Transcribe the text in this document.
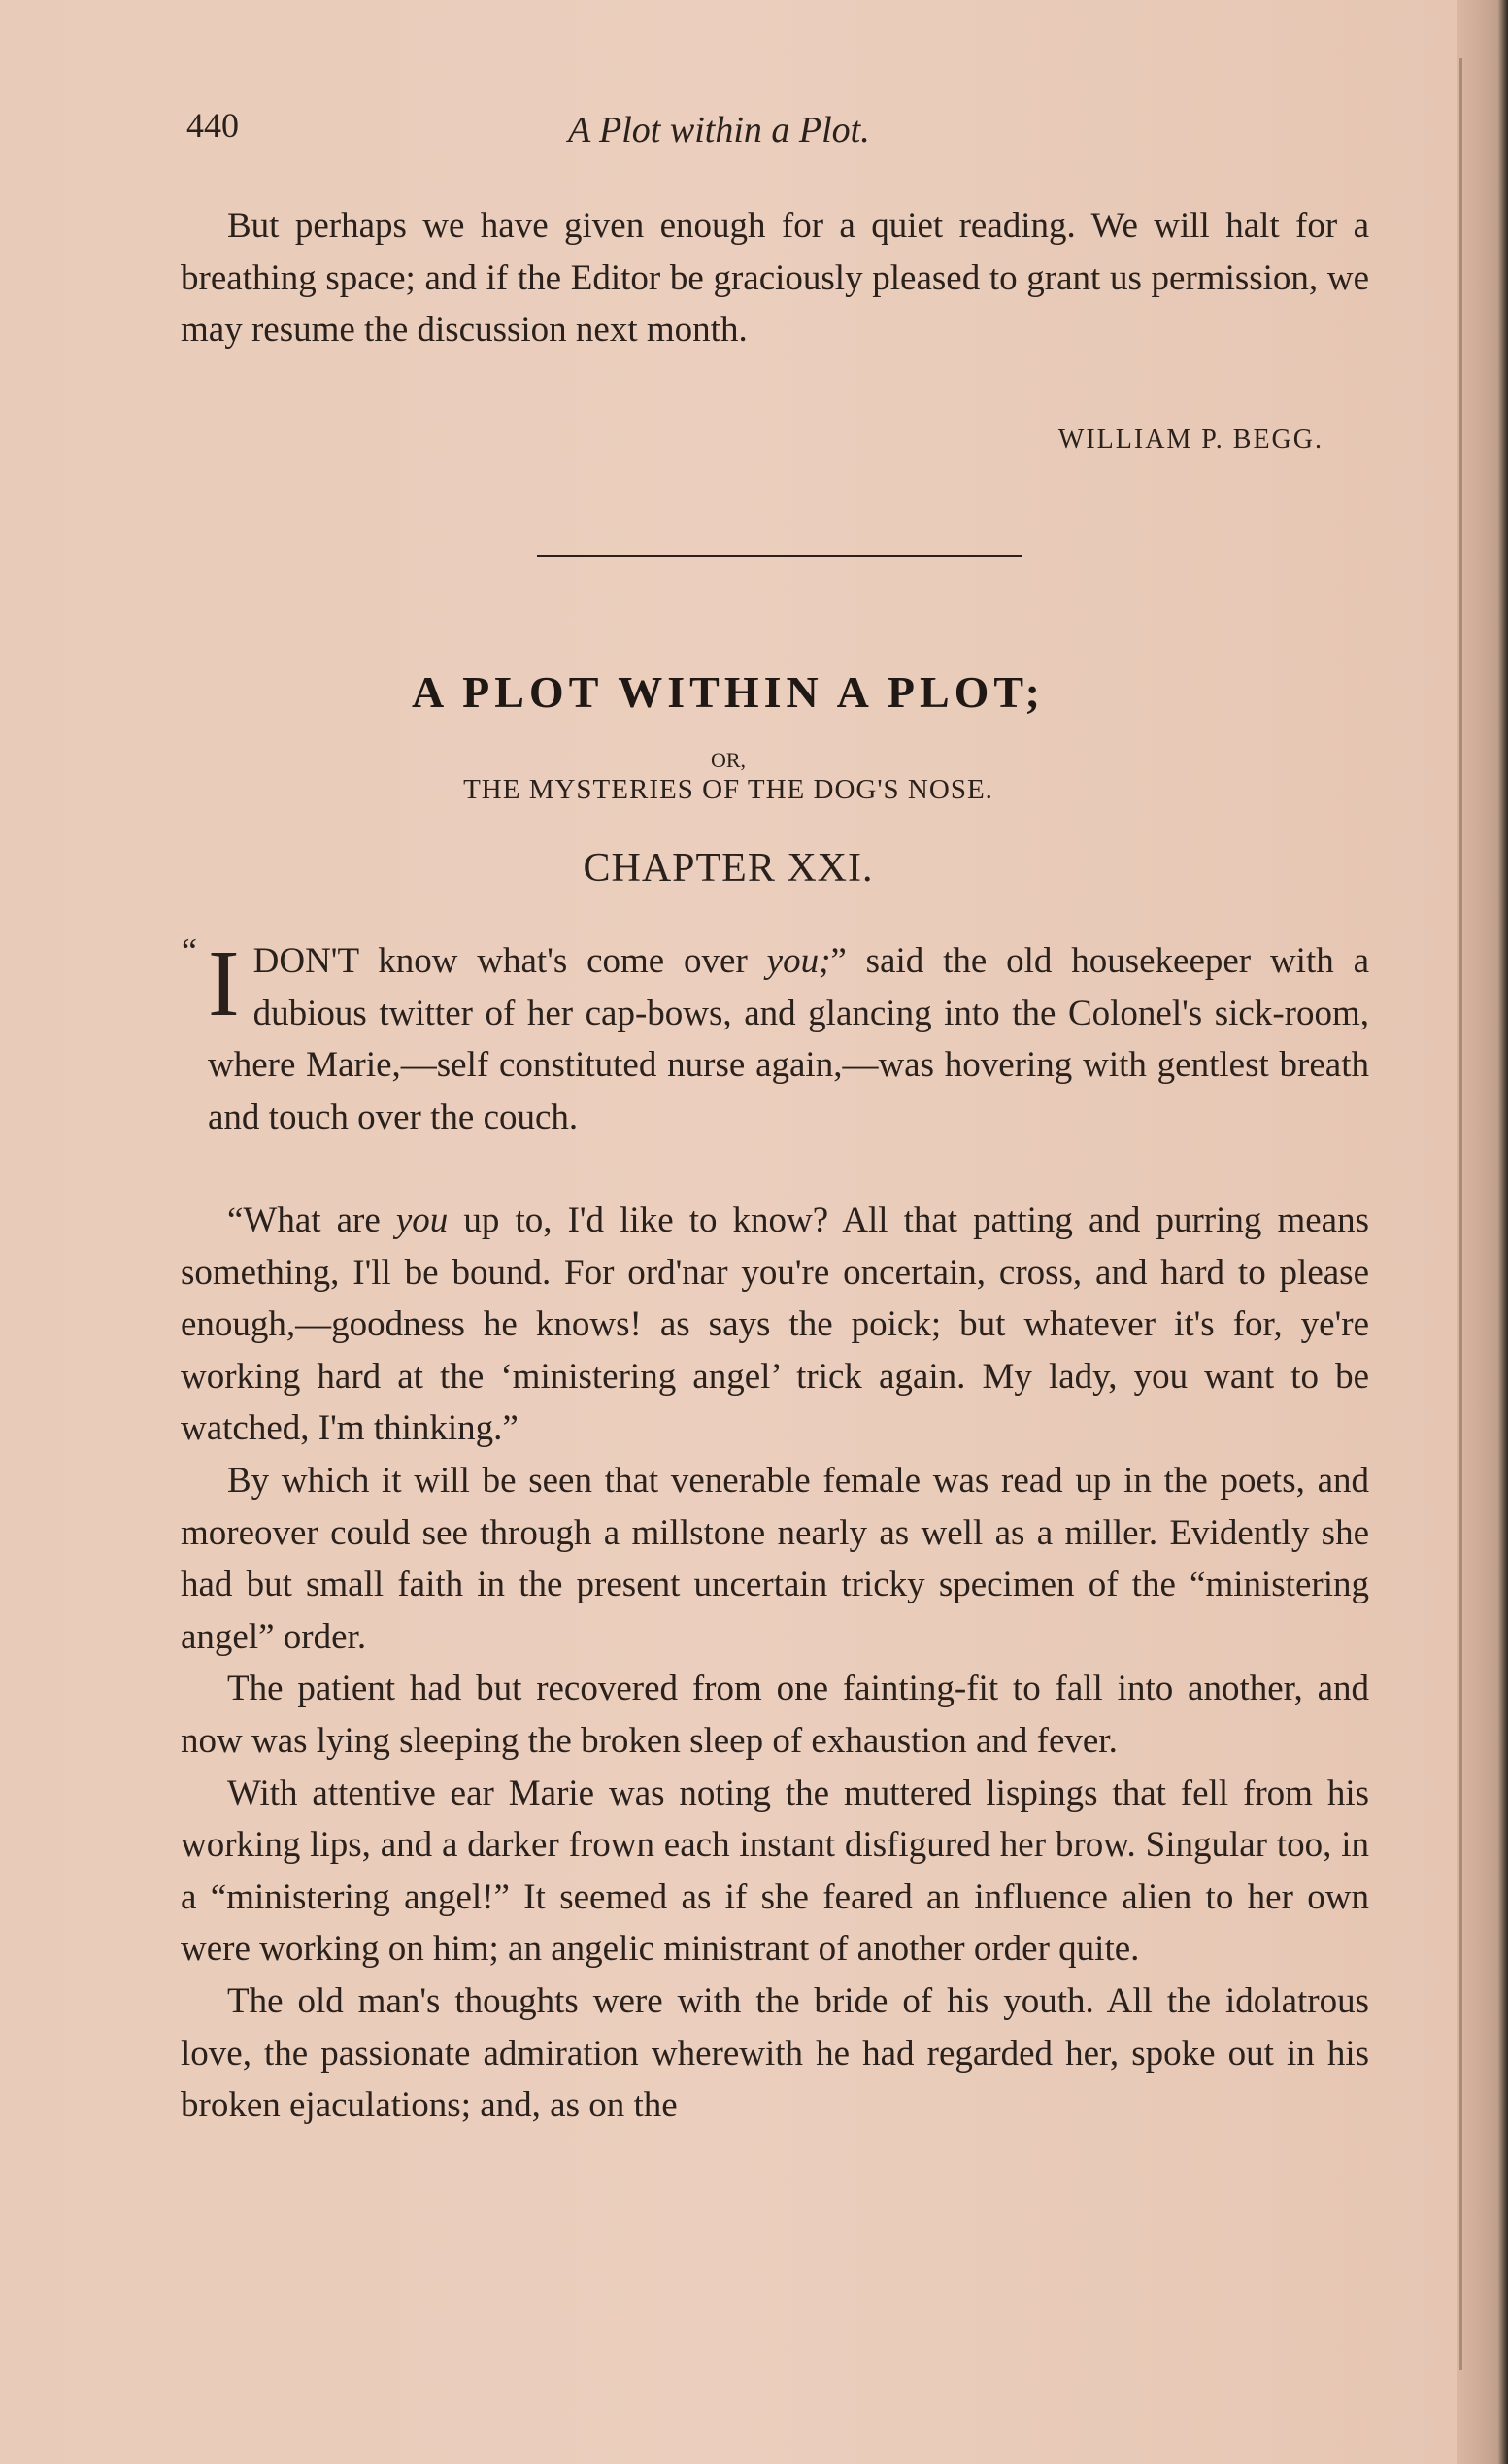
440	A Plot within a Plot.

But perhaps we have given enough for a quiet reading. We will halt for a breathing space; and if the Editor be graciously pleased to grant us permission, we may resume the discussion next month.

WILLIAM P. BEGG.
A PLOT WITHIN A PLOT;
OR,
THE MYSTERIES OF THE DOG'S NOSE.
CHAPTER XXI.
“ I DON'T know what's come over you;” said the old housekeeper with a dubious twitter of her cap-bows, and glancing into the Colonel's sick-room, where Marie,—self constituted nurse again,—was hovering with gentlest breath and touch over the couch.

“What are you up to, I'd like to know? All that patting and purring means something, I'll be bound. For ord'nar you're oncertain, cross, and hard to please enough,—goodness he knows! as says the poick; but whatever it's for, ye're working hard at the ‘ministering angel’ trick again. My lady, you want to be watched, I'm thinking.”

By which it will be seen that venerable female was read up in the poets, and moreover could see through a millstone nearly as well as a miller. Evidently she had but small faith in the present uncertain tricky specimen of the “ministering angel” order.

The patient had but recovered from one fainting-fit to fall into another, and now was lying sleeping the broken sleep of exhaustion and fever.

With attentive ear Marie was noting the muttered lispings that fell from his working lips, and a darker frown each instant disfigured her brow. Singular too, in a “ministering angel!” It seemed as if she feared an influence alien to her own were working on him; an angelic ministrant of another order quite.

The old man's thoughts were with the bride of his youth. All the idolatrous love, the passionate admiration wherewith he had regarded her, spoke out in his broken ejaculations; and, as on the
